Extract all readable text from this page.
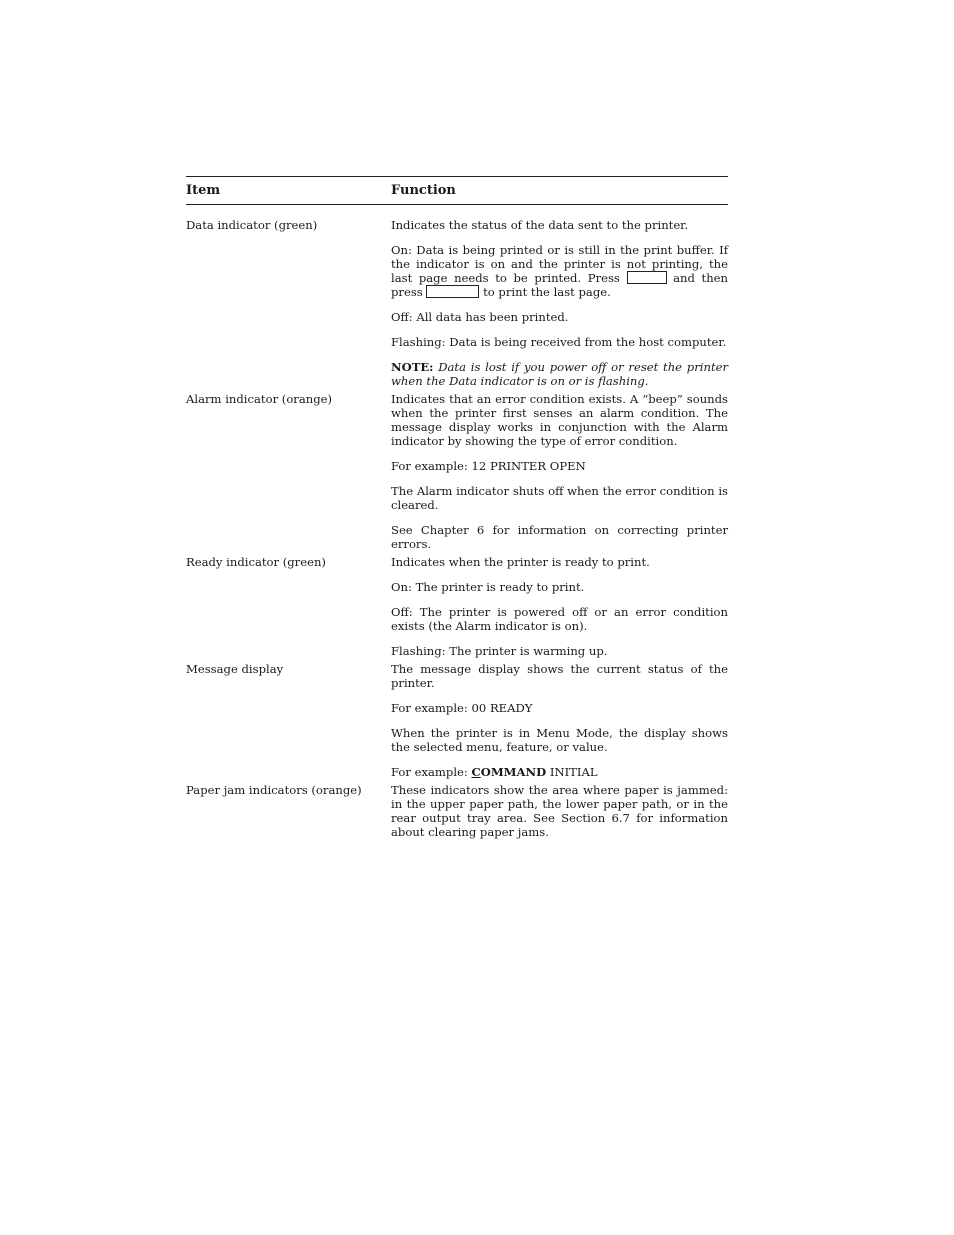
Item	Function
Data indicator (green)	Indicates the status of the data sent to the printer.

On: Data is being printed or is still in the print buffer. If the indicator is on and the printer is not printing, the last page needs to be printed. Press	and then press	to print the last page.

Off: All data has been printed.

Flashing: Data is being received from the host computer.

NOTE: Data is lost if you power off or reset the printer when the Data indicator is on or is flashing.

Alarm indicator (orange)	Indicates that an error condition exists. A “beep” sounds when the printer first senses an alarm condition. The message display works in conjunction with the Alarm indicator by showing the type of error condition.

For example: 12 PRINTER OPEN

The Alarm indicator shuts off when the error condition is cleared.

See Chapter 6 for information on correcting printer errors.

Ready indicator (green)	Indicates when the printer is ready to print.

On: The printer is ready to print.

Off: The printer is powered off or an error condition exists (the Alarm indicator is on).

Flashing: The printer is warming up.

Message display	The message display shows the current status of the printer.

For example: 00 READY

When the printer is in Menu Mode, the display shows the selected menu, feature, or value.

For example: COMMAND INITIAL

Paper jam indicators (orange)	These indicators show the area where paper is jammed: in the upper paper path, the lower paper path, or in the rear output tray area. See Section 6.7 for information about clearing paper jams.
